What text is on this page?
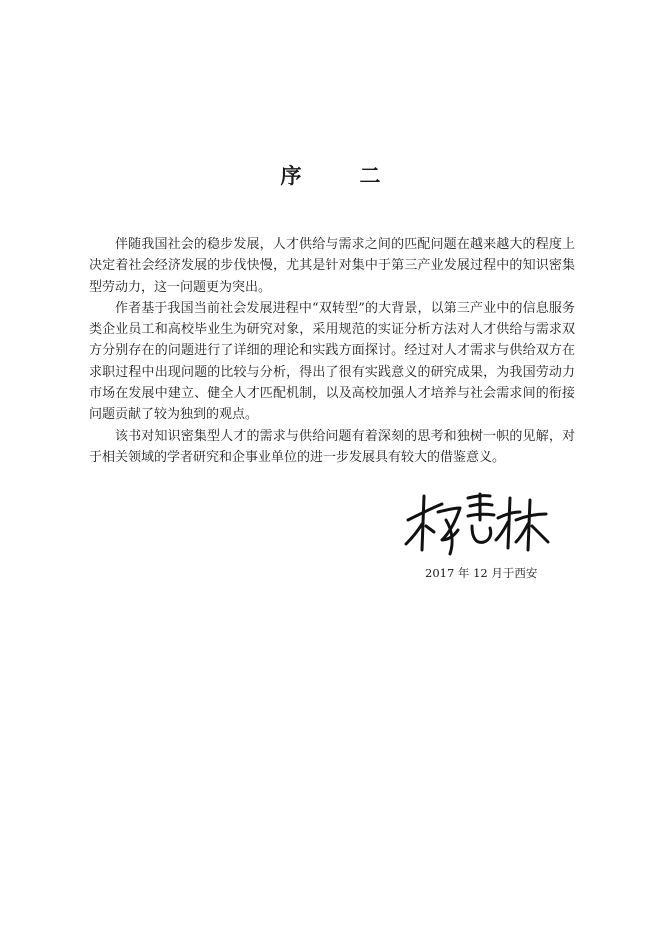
序	二

伴随我国社会的稳步发展，人才供给与需求之间的匹配问题在越来越大的程度上决定着社会经济发展的步伐快慢，尤其是针对集中于第三产业发展过程中的知识密集型劳动力，这一问题更为突出。

作者基于我国当前社会发展进程中“双转型”的大背景，以第三产业中的信息服务类企业员工和高校毕业生为研究对象，采用规范的实证分析方法对人才供给与需求双方分别存在的问题进行了详细的理论和实践方面探讨。经过对人才需求与供给双方在求职过程中出现问题的比较与分析，得出了很有实践意义的研究成果，为我国劳动力市场在发展中建立、健全人才匹配机制，以及高校加强人才培养与社会需求间的衔接问题贡献了较为独到的观点。

该书对知识密集型人才的需求与供给问题有着深刻的思考和独树一帜的见解，对于相关领域的学者研究和企事业单位的进一步发展具有较大的借鉴意义。

2017 年 12 月于西安
